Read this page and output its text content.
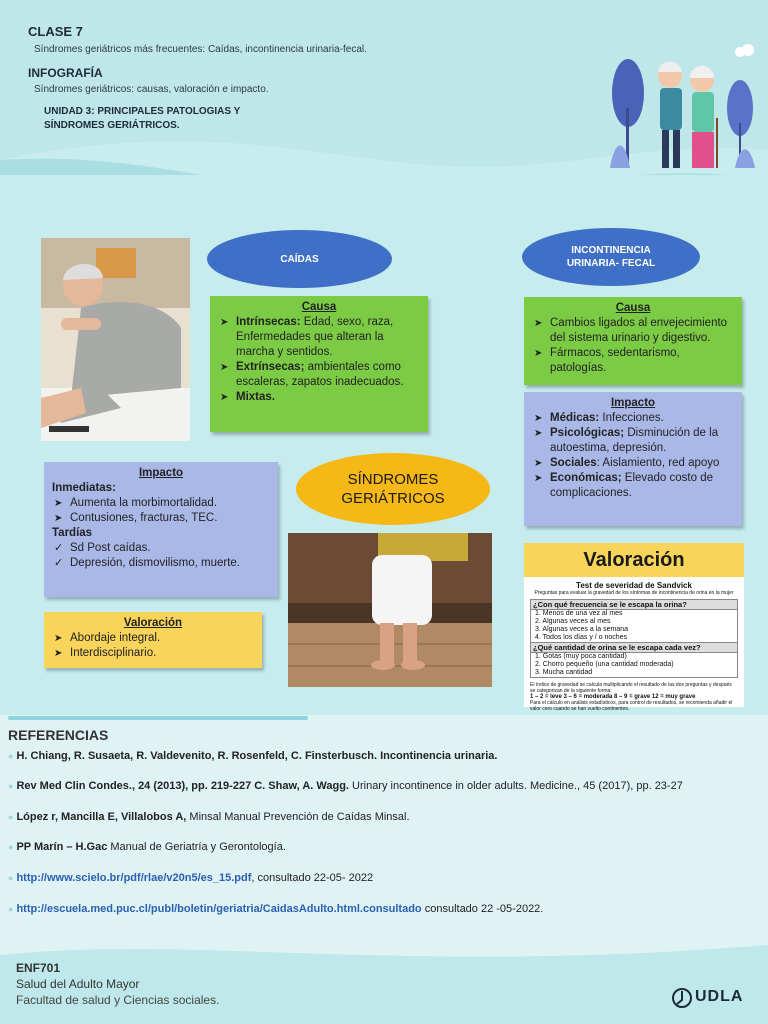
CLASE 7
Síndromes geriátricos más frecuentes: Caídas, incontinencia urinaria-fecal.
INFOGRAFÍA
Síndromes geriátricos: causas, valoración e impacto.
UNIDAD 3: PRINCIPALES PATOLOGIAS Y SÍNDROMES GERIÁTRICOS.
CAÍDAS
INCONTINENCIA URINARIA- FECAL
SÍNDROMES GERIÁTRICOS
Causa
➤ Intrínsecas: Edad, sexo, raza, Enfermedades que alteran la marcha y sentidos.
➤ Extrínsecas; ambientales como escaleras, zapatos inadecuados.
➤ Mixtas.
Impacto
Inmediatas:
➤ Aumenta la morbimortalidad.
➤ Contusiones, fracturas, TEC.
Tardías
✓ Sd Post caídas.
✓ Depresión, dismovilismo, muerte.
Valoración
➤ Abordaje integral.
➤ Interdisciplinario.
Causa
➤ Cambios ligados al envejecimiento del sistema urinario y digestivo.
➤ Fármacos, sedentarismo, patologías.
Impacto
➤ Médicas: Infecciones.
➤ Psicológicas; Disminución de la autoestima, depresión.
➤ Sociales: Aislamiento, red apoyo
➤ Económicas; Elevado costo de complicaciones.
Valoración
Test de severidad de Sandvick
Preguntas para evaluar la gravedad de los síntomas de incontinencia de orina en la mujer
¿Con qué frecuencia se le escapa la orina?
1. Menos de una vez al mes
2. Algunas veces al mes
3. Algunas veces a la semana
4. Todos los días y / o noches
¿Qué cantidad de orina se le escapa cada vez?
1. Gotas (muy poca cantidad)
2. Chorro pequeño (una cantidad moderada)
3. Mucha cantidad
El índice de gravedad se calcula multiplicando el resultado de las dos preguntas y después se categorizan de la siguiente forma:
1 – 2 = leve 3 – 6 = moderada 8 – 9 = grave 12 = muy grave
Para el cálculo en análisis estadísticos, para control de resultados, se recomienda añadir el valor cero cuando se han vuelto continentes.
REFERENCIAS
● H. Chiang, R. Susaeta, R. Valdevenito, R. Rosenfeld, C. Finsterbusch. Incontinencia urinaria.
● Rev Med Clin Condes., 24 (2013), pp. 219-227 C. Shaw, A. Wagg. Urinary incontinence in older adults. Medicine., 45 (2017), pp. 23-27
● López r, Mancilla E, Villalobos A, Minsal Manual Prevención de Caídas Minsal.
● PP Marín – H.Gac Manual de Geriatría y Gerontología.
● http://www.scielo.br/pdf/rlae/v20n5/es_15.pdf, consultado 22-05- 2022
● http://escuela.med.puc.cl/publ/boletin/geriatria/CaidasAdulto.html.consultado consultado 22 -05-2022.
ENF701
Salud del Adulto Mayor
Facultad de salud y Ciencias sociales.	UDLA
